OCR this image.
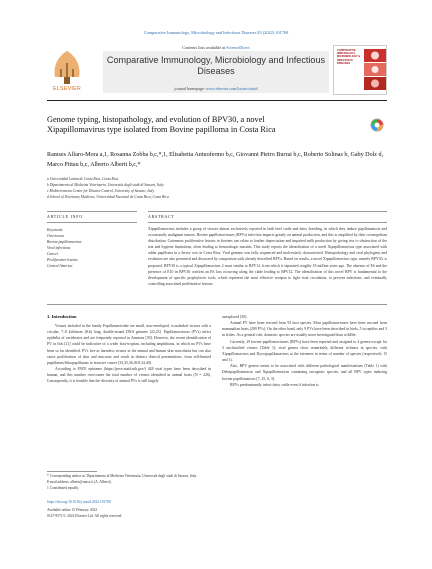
Comparative Immunology, Microbiology and Infectious Diseases 83 (2022) 101768
ELSEVIER
Contents lists available at ScienceDirect
Comparative Immunology, Microbiology and Infectious Diseases
journal homepage: www.elsevier.com/locate/cimid
COMPARATIVE IMMUNOLOGY, MICROBIOLOGY & INFECTIOUS DISEASES
Genome typing, histopathology, and evolution of BPV30, a novel
Xipapillomavirus type isolated from Bovine papilloma in Costa Rica
Ramses Alfaro-Mora a,1, Rosanna Zobba b,c,*,1, Elisabetta Antuofermo b,c, Giovanni Pietro Burrai b,c, Roberto Solinas b, Gaby Dolz d, Marco Pittau b,c, Alberto Alberti b,c,*
a Universidad Latina de Costa Rica, Costa Rica
b Dipartimento di Medicina Veterinaria, Università degli studi di Sassari, Italy
c Mediterranean Center for Disease Control, University of Sassari, Italy
d School of Veterinary Medicine, Universidad Nacional de Costa Rica, Costa Rica
ARTICLE INFO	ABSTRACT
Keywords:
Ovoviruses
Bovine papillomavirus
Viral infections
Cancer
Proliferative lesions
Central America
Xipapillomavirus includes a group of viruses almost exclusively reported in both beef cattle and dairy breeding, in which they induce papillomatosis and occasionally malignant tumors. Bovine papillomaviruses (BPVs) infection impacts greatly on animal production, and this is amplified by their cosmopolitan distribution. Cutaneous proliferative lesions in bovines can relate to leather depreciation and impaired milk production by giving rise to obstruction of the teat and hygiene limitations, often leading to hemorrhagic mastitis. This study reports the identification of a novel Xipapillomavirus type associated with udder papilloma in a Jersey cow in Costa Rica. Viral genome was fully sequenced and molecularly characterized. Histopathology and viral phylogeny and evolution are also presented and discussed by comparison with already described BPVs. Based on results, a novel Xipapillomavirus type, namely BPV30, is proposed. BPV30 is a typical Xipapillomavirus 2 most similar to BPV12, from which it separated roughly 18 million years ago. The absence of E6 and the presence of E10 in BPV30 confirm an E6 loss occurring along the clade leading to BPV12. The identification of this novel BPV is fundamental to the development of specific prophylactic tools, which represent the most effective weapon to fight viral circulation, to prevent infections, and eventually controlling associated proliferative lesions.
1. Introduction

Viruses included in the family Papillomaviridae are small, non-enveloped, icosahedral viruses with a circular, 7–8 kilobases (Kb) long, double-strand DNA genome [22,23]. Papillomaviruses (PVs) infect epithelia of vertebrates and are frequently reported in Amniota [30]. However, the recent identification of PV in fish [21] could be indicative of a wider host-tropism, including amphibians, in which no PVs have been so far identified. PVs live as harmless viruses in the animal and human skin microbiota but can also cause proliferation of skin and mucosae and result in distinct clinical presentations, from self-limited papillomas/fibropapillomas to invasive cancer [33,35,36,39,8,34,40].

According to PAVE episteme (https://pave.niaid.nih.gov/) 448 viral types have been described in human, and this number overcomes the total number of viruses identified in animal hosts (N = 226). Consequently, it is feasible that the diversity of animal PVs is still largely

unexplored [30].

Animal PV have been rescued from 93 host species. Most papillomaviruses have been rescued from mammalian hosts (209 PVs). On the other hand, only 9 PVs have been described in birds, 5 in reptiles and 3 in fishes. As a general rule, domestic species are usually more investigated than wildlife.

Currently, 29 bovine papillomaviruses (BPVs) have been reported and assigned to 4 genera except for 3 unclassified viruses (Table 1); viral genera show remarkably different richness in species, with Xipapillomavirus and Dyoxipapillomavirus at the extremes in terms of number of species (respectively 15 and 1).

Also, BPV genera seems to be associated with different pathological manifestations (Table 1) with Deltapapillomavirus and Xipapillomavirus containing oncogenic species, and all BPV types inducing bovine papillomatosis [7, 25, 6, 3].

BPVs predominantly infect dairy cattle even if infection is

* Corresponding author at: Dipartimento di Medicina Veterinaria, Università degli studi di Sassari, Italy.
E-mail address: alberti@uniss.it (A. Alberti).
1 Contributed equally.
https://doi.org/10.1016/j.cimid.2022.101768
Available online 13 February 2022
0147-9571/© 2022 Elsevier Ltd. All rights reserved.
